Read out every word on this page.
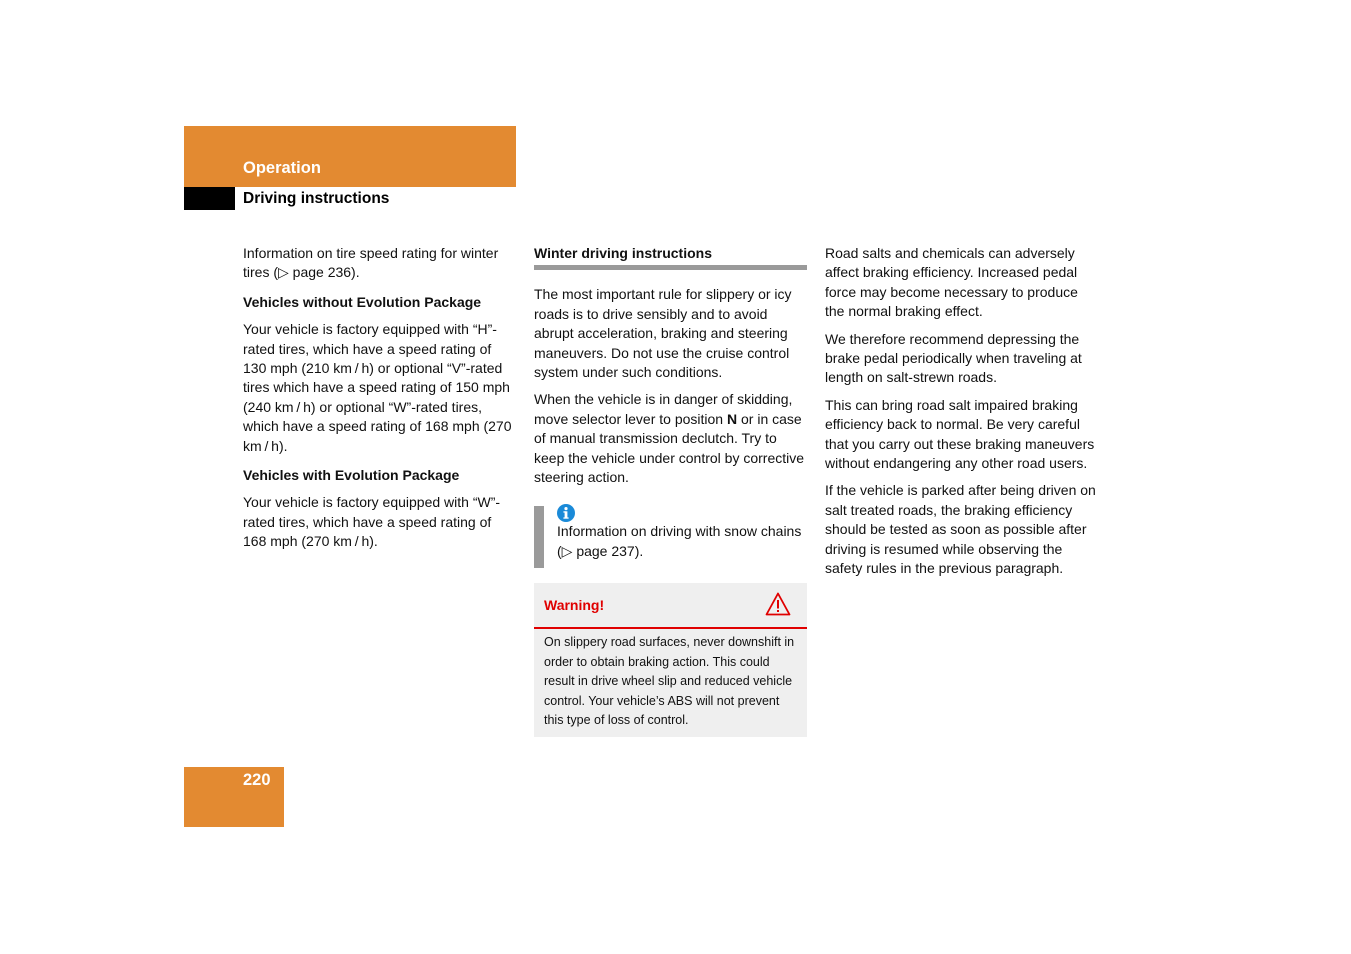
Operation
Driving instructions

Information on tire speed rating for winter tires (▷ page 236).

Vehicles without Evolution Package

Your vehicle is factory equipped with “H”-rated tires, which have a speed rating of 130 mph (210 km / h) or optional “V”-rated tires which have a speed rating of 150 mph (240 km / h) or optional “W”-rated tires, which have a speed rating of 168 mph (270 km / h).

Vehicles with Evolution Package

Your vehicle is factory equipped with “W”-rated tires, which have a speed rating of 168 mph (270 km / h).

Winter driving instructions

The most important rule for slippery or icy roads is to drive sensibly and to avoid abrupt acceleration, braking and steering maneuvers. Do not use the cruise control system under such conditions.

When the vehicle is in danger of skidding, move selector lever to position N or in case of manual transmission declutch. Try to keep the vehicle under control by corrective steering action.

Information on driving with snow chains (▷ page 237).

Warning!

On slippery road surfaces, never downshift in order to obtain braking action. This could result in drive wheel slip and reduced vehicle control. Your vehicle’s ABS will not prevent this type of loss of control.

Road salts and chemicals can adversely affect braking efficiency. Increased pedal force may become necessary to produce the normal braking effect.

We therefore recommend depressing the brake pedal periodically when traveling at length on salt-strewn roads.

This can bring road salt impaired braking efficiency back to normal. Be very careful that you carry out these braking maneuvers without endangering any other road users.

If the vehicle is parked after being driven on salt treated roads, the braking efficiency should be tested as soon as possible after driving is resumed while observing the safety rules in the previous paragraph.

220
